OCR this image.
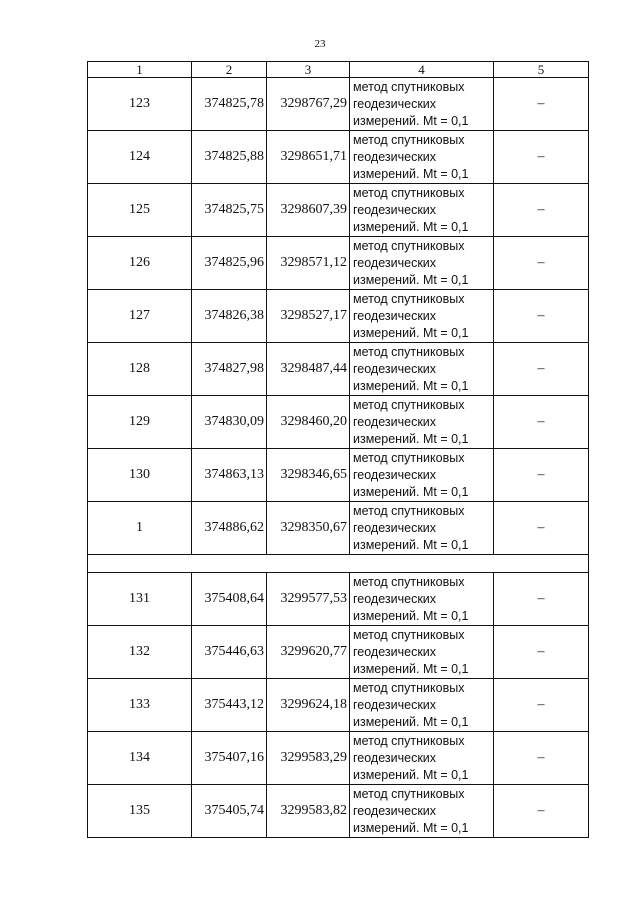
23
1	2	3	4	5
123	374825,78	3298767,29	метод спутниковых
геодезических
измерений. Mt = 0,1	–
124	374825,88	3298651,71	метод спутниковых
геодезических
измерений. Mt = 0,1	–
125	374825,75	3298607,39	метод спутниковых
геодезических
измерений. Mt = 0,1	–
126	374825,96	3298571,12	метод спутниковых
геодезических
измерений. Mt = 0,1	–
127	374826,38	3298527,17	метод спутниковых
геодезических
измерений. Mt = 0,1	–
128	374827,98	3298487,44	метод спутниковых
геодезических
измерений. Mt = 0,1	–
129	374830,09	3298460,20	метод спутниковых
геодезических
измерений. Mt = 0,1	–
130	374863,13	3298346,65	метод спутниковых
геодезических
измерений. Mt = 0,1	–
1	374886,62	3298350,67	метод спутниковых
геодезических
измерений. Mt = 0,1	–

131	375408,64	3299577,53	метод спутниковых
геодезических
измерений. Mt = 0,1	–
132	375446,63	3299620,77	метод спутниковых
геодезических
измерений. Mt = 0,1	–
133	375443,12	3299624,18	метод спутниковых
геодезических
измерений. Mt = 0,1	–
134	375407,16	3299583,29	метод спутниковых
геодезических
измерений. Mt = 0,1	–
135	375405,74	3299583,82	метод спутниковых
геодезических
измерений. Mt = 0,1	–
